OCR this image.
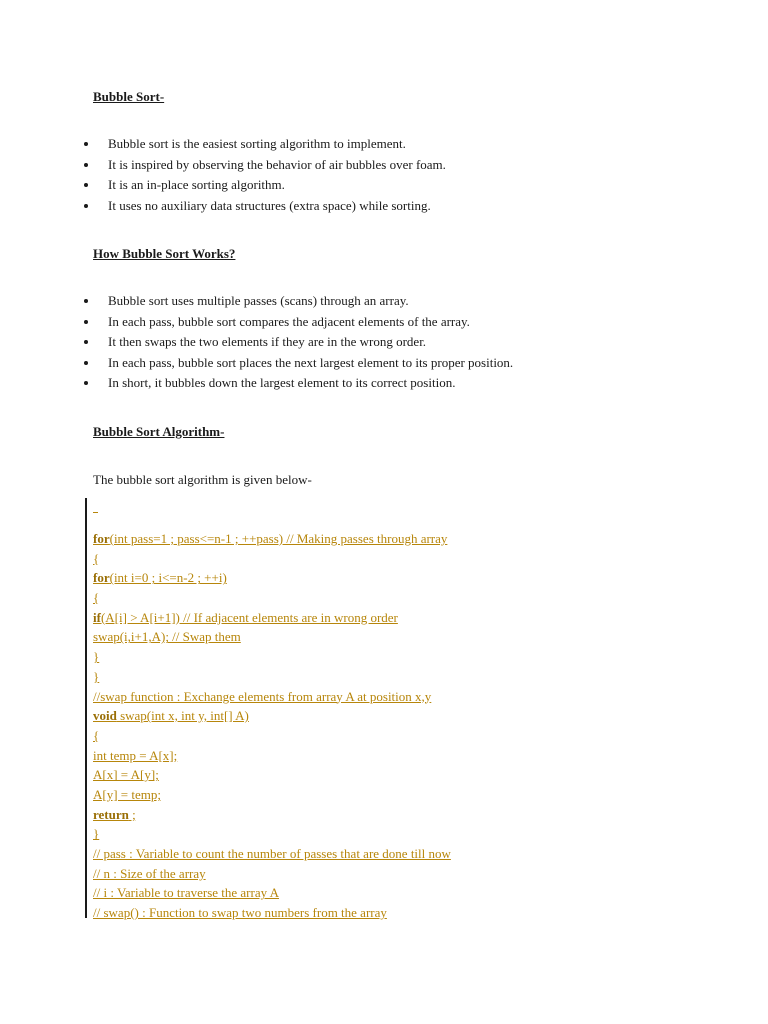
Bubble Sort-
Bubble sort is the easiest sorting algorithm to implement.
It is inspired by observing the behavior of air bubbles over foam.
It is an in-place sorting algorithm.
It uses no auxiliary data structures (extra space) while sorting.
How Bubble Sort Works?
Bubble sort uses multiple passes (scans) through an array.
In each pass, bubble sort compares the adjacent elements of the array.
It then swaps the two elements if they are in the wrong order.
In each pass, bubble sort places the next largest element to its proper position.
In short, it bubbles down the largest element to its correct position.
Bubble Sort Algorithm-

The bubble sort algorithm is given below-

for(int pass=1 ; pass<=n-1 ; ++pass) // Making passes through array
{
for(int i=0 ; i<=n-2 ; ++i)
{
if(A[i] > A[i+1]) // If adjacent elements are in wrong order
swap(i,i+1,A); // Swap them
}
}
//swap function : Exchange elements from array A at position x,y
void swap(int x, int y, int[] A)
{
int temp = A[x];
A[x] = A[y];
A[y] = temp;
return ;
}
// pass : Variable to count the number of passes that are done till now
// n : Size of the array
// i : Variable to traverse the array A
// swap() : Function to swap two numbers from the array
